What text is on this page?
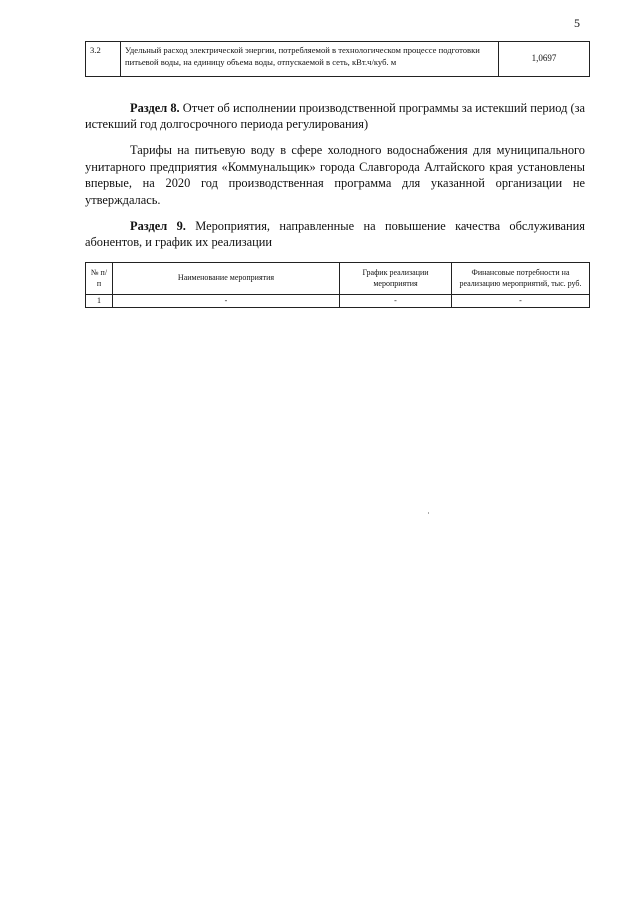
5
3.2	Удельный расход электрической энергии, потребляемой в технологическом процессе подготовки питьевой воды, на единицу объема воды, отпускаемой в сеть, кВт.ч/куб. м	1,0697
Раздел 8. Отчет об исполнении производственной программы за истекший период (за истекший год долгосрочного периода регулирования)
Тарифы на питьевую воду в сфере холодного водоснабжения для муниципального унитарного предприятия «Коммунальщик» города Славгорода Алтайского края установлены впервые, на 2020 год производственная программа для указанной организации не утверждалась.
Раздел 9. Мероприятия, направленные на повышение качества обслуживания абонентов, и график их реализации
№ п/п	Наименование мероприятия	График реализации мероприятия	Финансовые потребности на реализацию мероприятий, тыс. руб.
1	-	-	-
